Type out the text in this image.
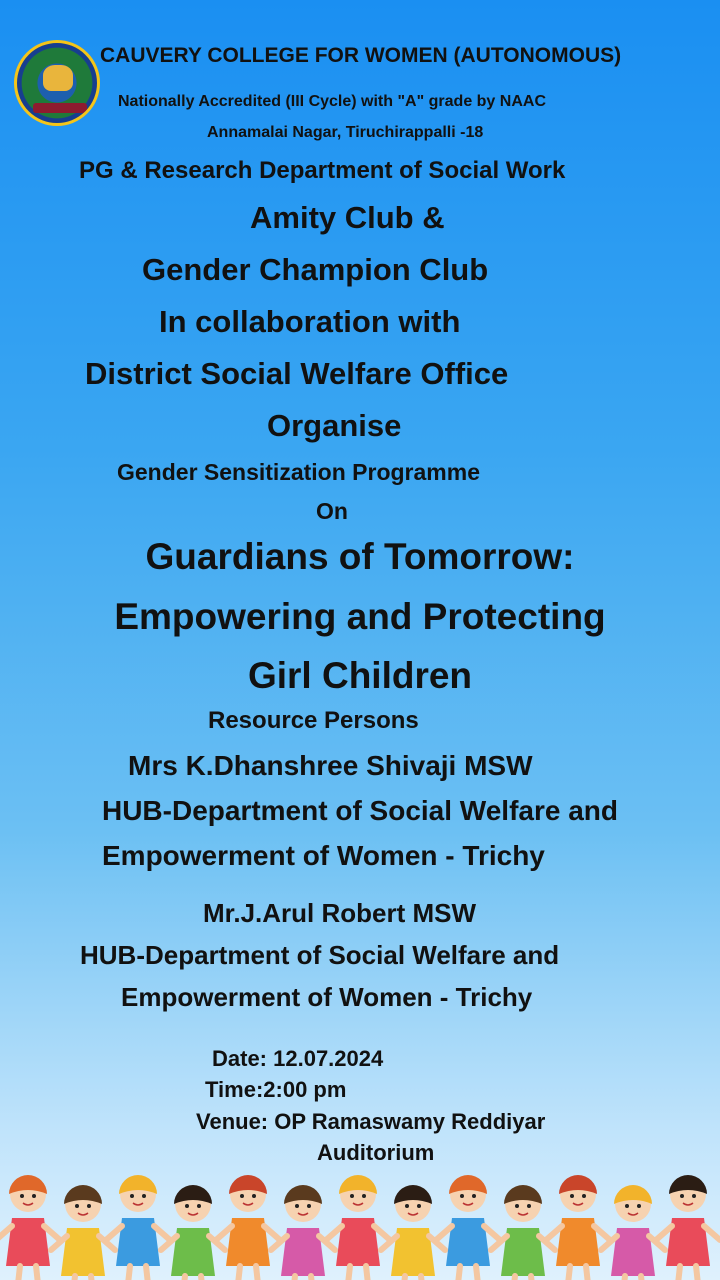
CAUVERY COLLEGE FOR WOMEN (AUTONOMOUS)
Nationally Accredited (III Cycle) with "A" grade by NAAC
Annamalai Nagar, Tiruchirappalli -18
PG & Research Department of Social Work
Amity Club &
Gender Champion Club
In collaboration with
District Social Welfare Office
Organise
Gender Sensitization Programme
On
Guardians of Tomorrow:
Empowering and Protecting
Girl Children
Resource Persons
Mrs K.Dhanshree Shivaji MSW
HUB-Department of Social Welfare and
Empowerment of Women - Trichy
Mr.J.Arul Robert MSW
HUB-Department of Social Welfare and
Empowerment of Women - Trichy
Date: 12.07.2024
Time:2:00 pm
Venue: OP Ramaswamy Reddiyar
Auditorium
